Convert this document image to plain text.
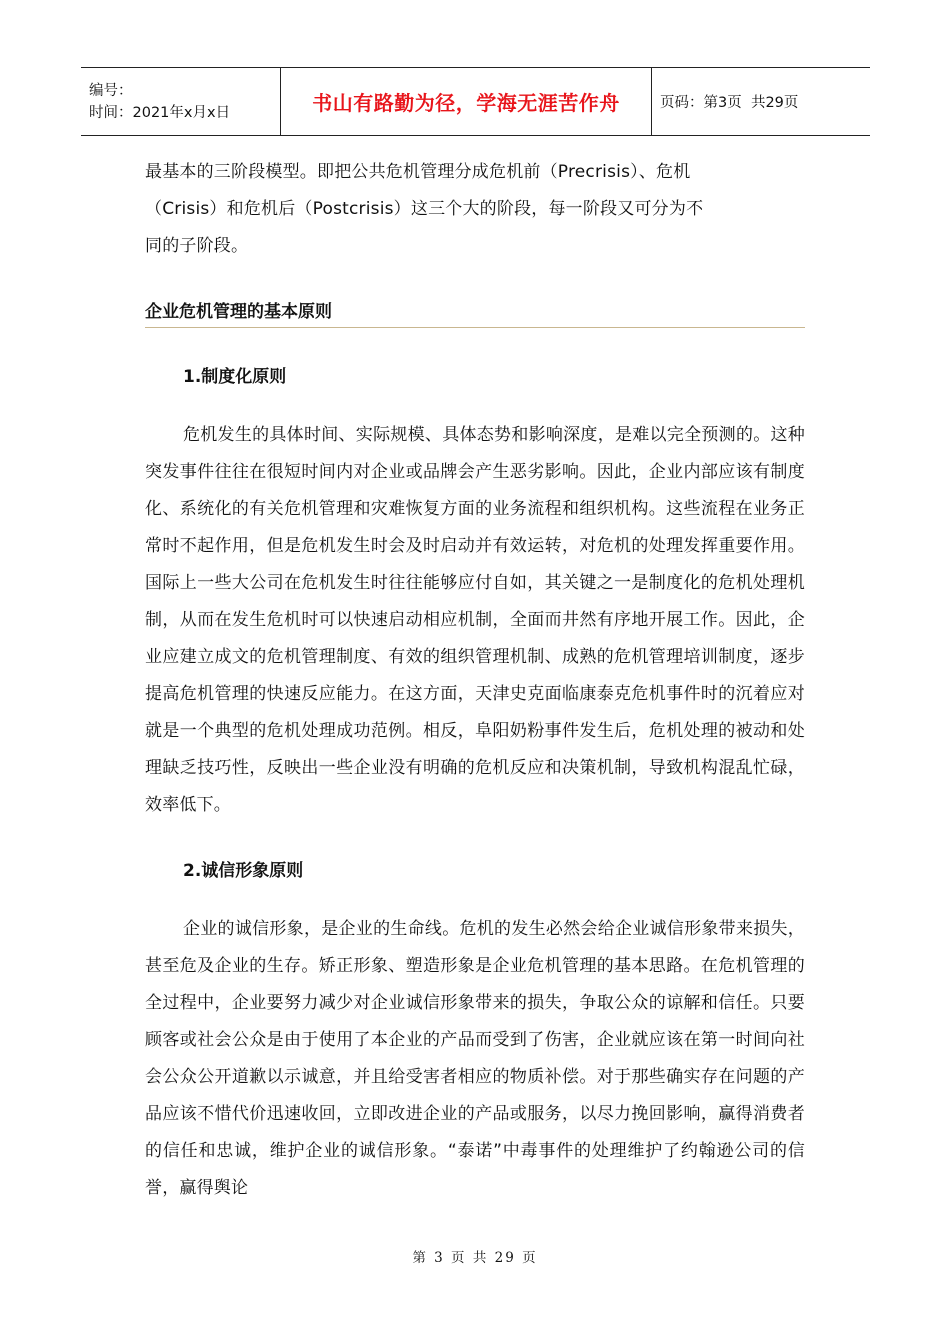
编号：
时间：2021年x月x日	书山有路勤为径，学海无涯苦作舟	页码：第3页  共29页

最基本的三阶段模型。即把公共危机管理分成危机前（Precrisis）、危机
（Crisis）和危机后（Postcrisis）这三个大的阶段，每一阶段又可分为不
同的子阶段。

企业危机管理的基本原则
1.制度化原则

危机发生的具体时间、实际规模、具体态势和影响深度，是难以完全预测的。这种突发事件往往在很短时间内对企业或品牌会产生恶劣影响。因此，企业内部应该有制度化、系统化的有关危机管理和灾难恢复方面的业务流程和组织机构。这些流程在业务正常时不起作用，但是危机发生时会及时启动并有效运转，对危机的处理发挥重要作用。国际上一些大公司在危机发生时往往能够应付自如，其关键之一是制度化的危机处理机制，从而在发生危机时可以快速启动相应机制，全面而井然有序地开展工作。因此，企业应建立成文的危机管理制度、有效的组织管理机制、成熟的危机管理培训制度，逐步提高危机管理的快速反应能力。在这方面，天津史克面临康泰克危机事件时的沉着应对就是一个典型的危机处理成功范例。相反，阜阳奶粉事件发生后，危机处理的被动和处理缺乏技巧性，反映出一些企业没有明确的危机反应和决策机制，导致机构混乱忙碌，效率低下。

2.诚信形象原则

企业的诚信形象，是企业的生命线。危机的发生必然会给企业诚信形象带来损失，甚至危及企业的生存。矫正形象、塑造形象是企业危机管理的基本思路。在危机管理的全过程中，企业要努力减少对企业诚信形象带来的损失，争取公众的谅解和信任。只要顾客或社会公众是由于使用了本企业的产品而受到了伤害，企业就应该在第一时间向社会公众公开道歉以示诚意，并且给受害者相应的物质补偿。对于那些确实存在问题的产品应该不惜代价迅速收回，立即改进企业的产品或服务，以尽力挽回影响，赢得消费者的信任和忠诚，维护企业的诚信形象。“泰诺”中毒事件的处理维护了约翰逊公司的信誉，赢得舆论

第 3 页 共 29 页
